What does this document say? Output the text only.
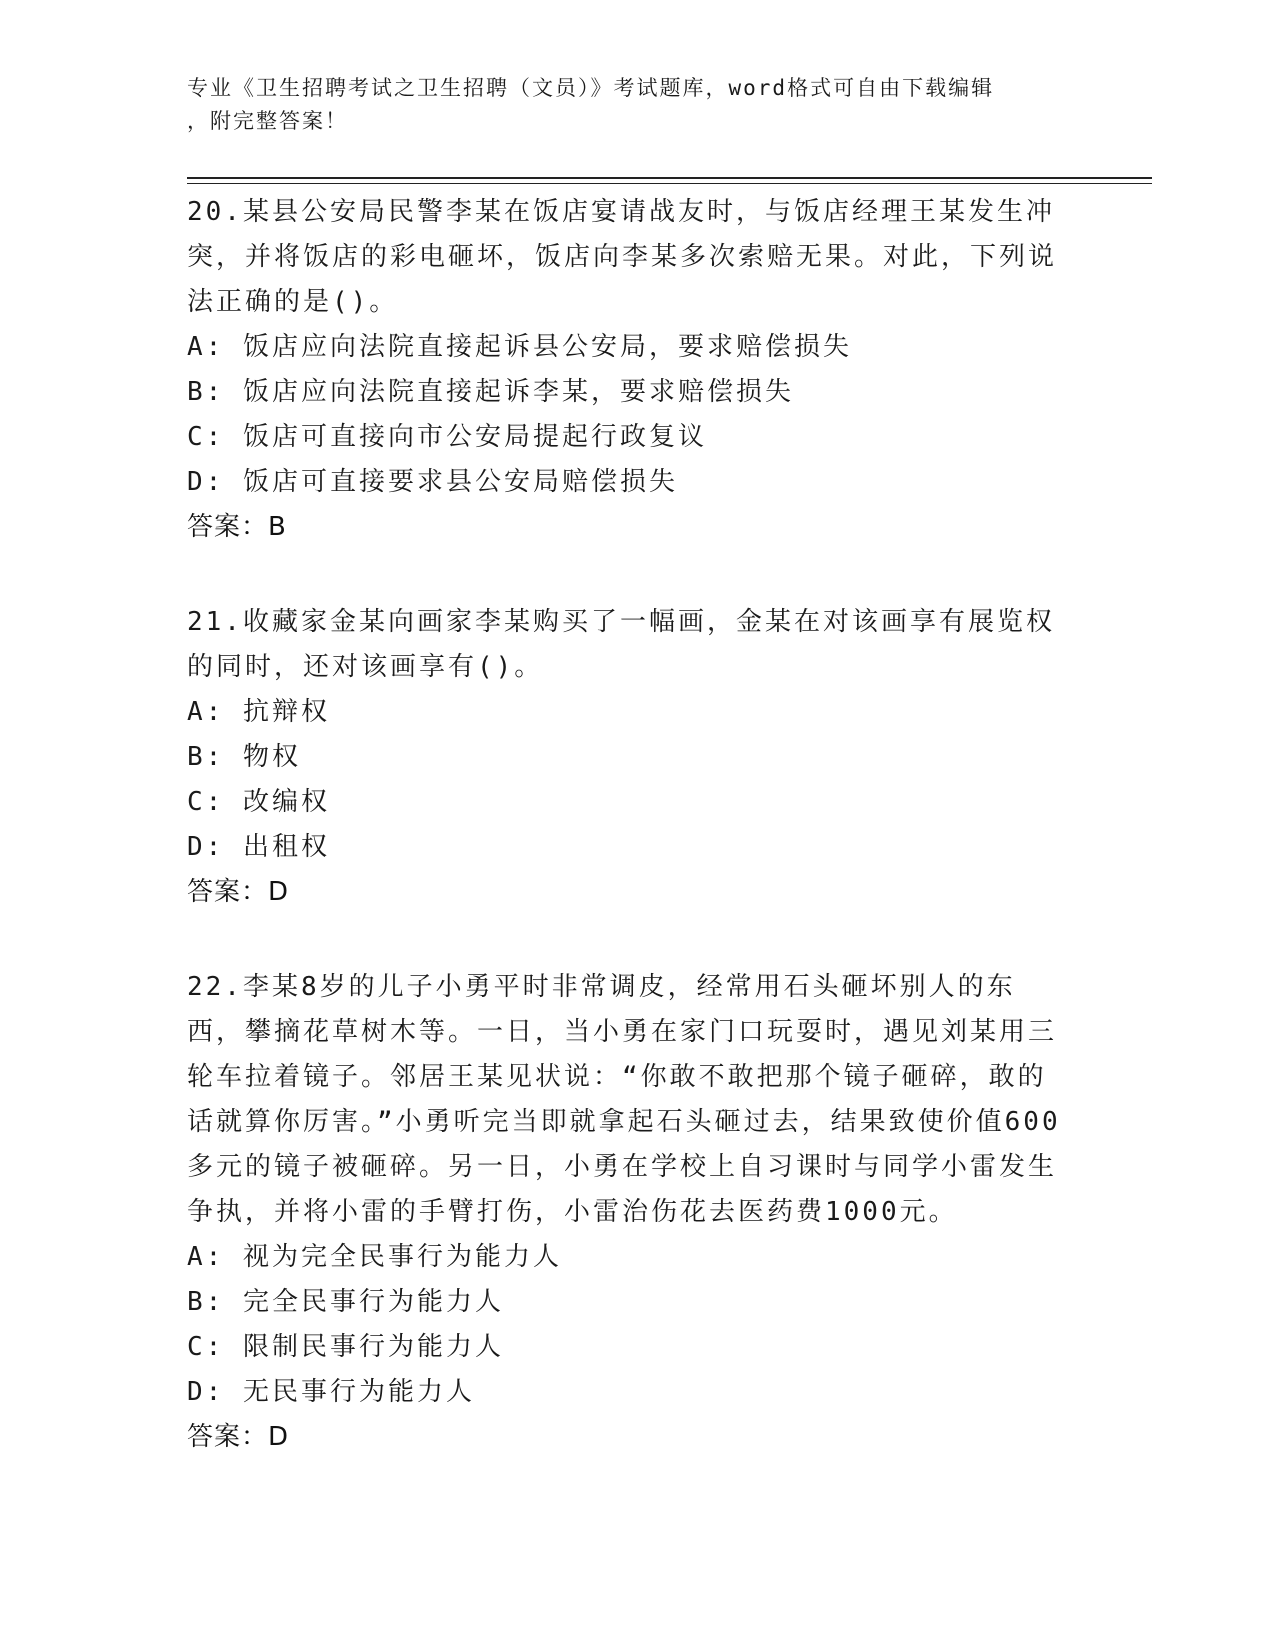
专业《卫生招聘考试之卫生招聘（文员）》考试题库，word格式可自由下载编辑
，附完整答案！
20.某县公安局民警李某在饭店宴请战友时，与饭店经理王某发生冲突，并将饭店的彩电砸坏，饭店向李某多次索赔无果。对此，下列说法正确的是()。
A: 饭店应向法院直接起诉县公安局，要求赔偿损失
B: 饭店应向法院直接起诉李某，要求赔偿损失
C: 饭店可直接向市公安局提起行政复议
D: 饭店可直接要求县公安局赔偿损失
答案：B
21.收藏家金某向画家李某购买了一幅画，金某在对该画享有展览权的同时，还对该画享有()。
A: 抗辩权
B: 物权
C: 改编权
D: 出租权
答案：D
22.李某8岁的儿子小勇平时非常调皮，经常用石头砸坏别人的东西，攀摘花草树木等。一日，当小勇在家门口玩耍时，遇见刘某用三轮车拉着镜子。邻居王某见状说：“你敢不敢把那个镜子砸碎，敢的话就算你厉害。”小勇听完当即就拿起石头砸过去，结果致使价值600多元的镜子被砸碎。另一日，小勇在学校上自习课时与同学小雷发生争执，并将小雷的手臂打伤，小雷治伤花去医药费1000元。
A: 视为完全民事行为能力人
B: 完全民事行为能力人
C: 限制民事行为能力人
D: 无民事行为能力人
答案：D
